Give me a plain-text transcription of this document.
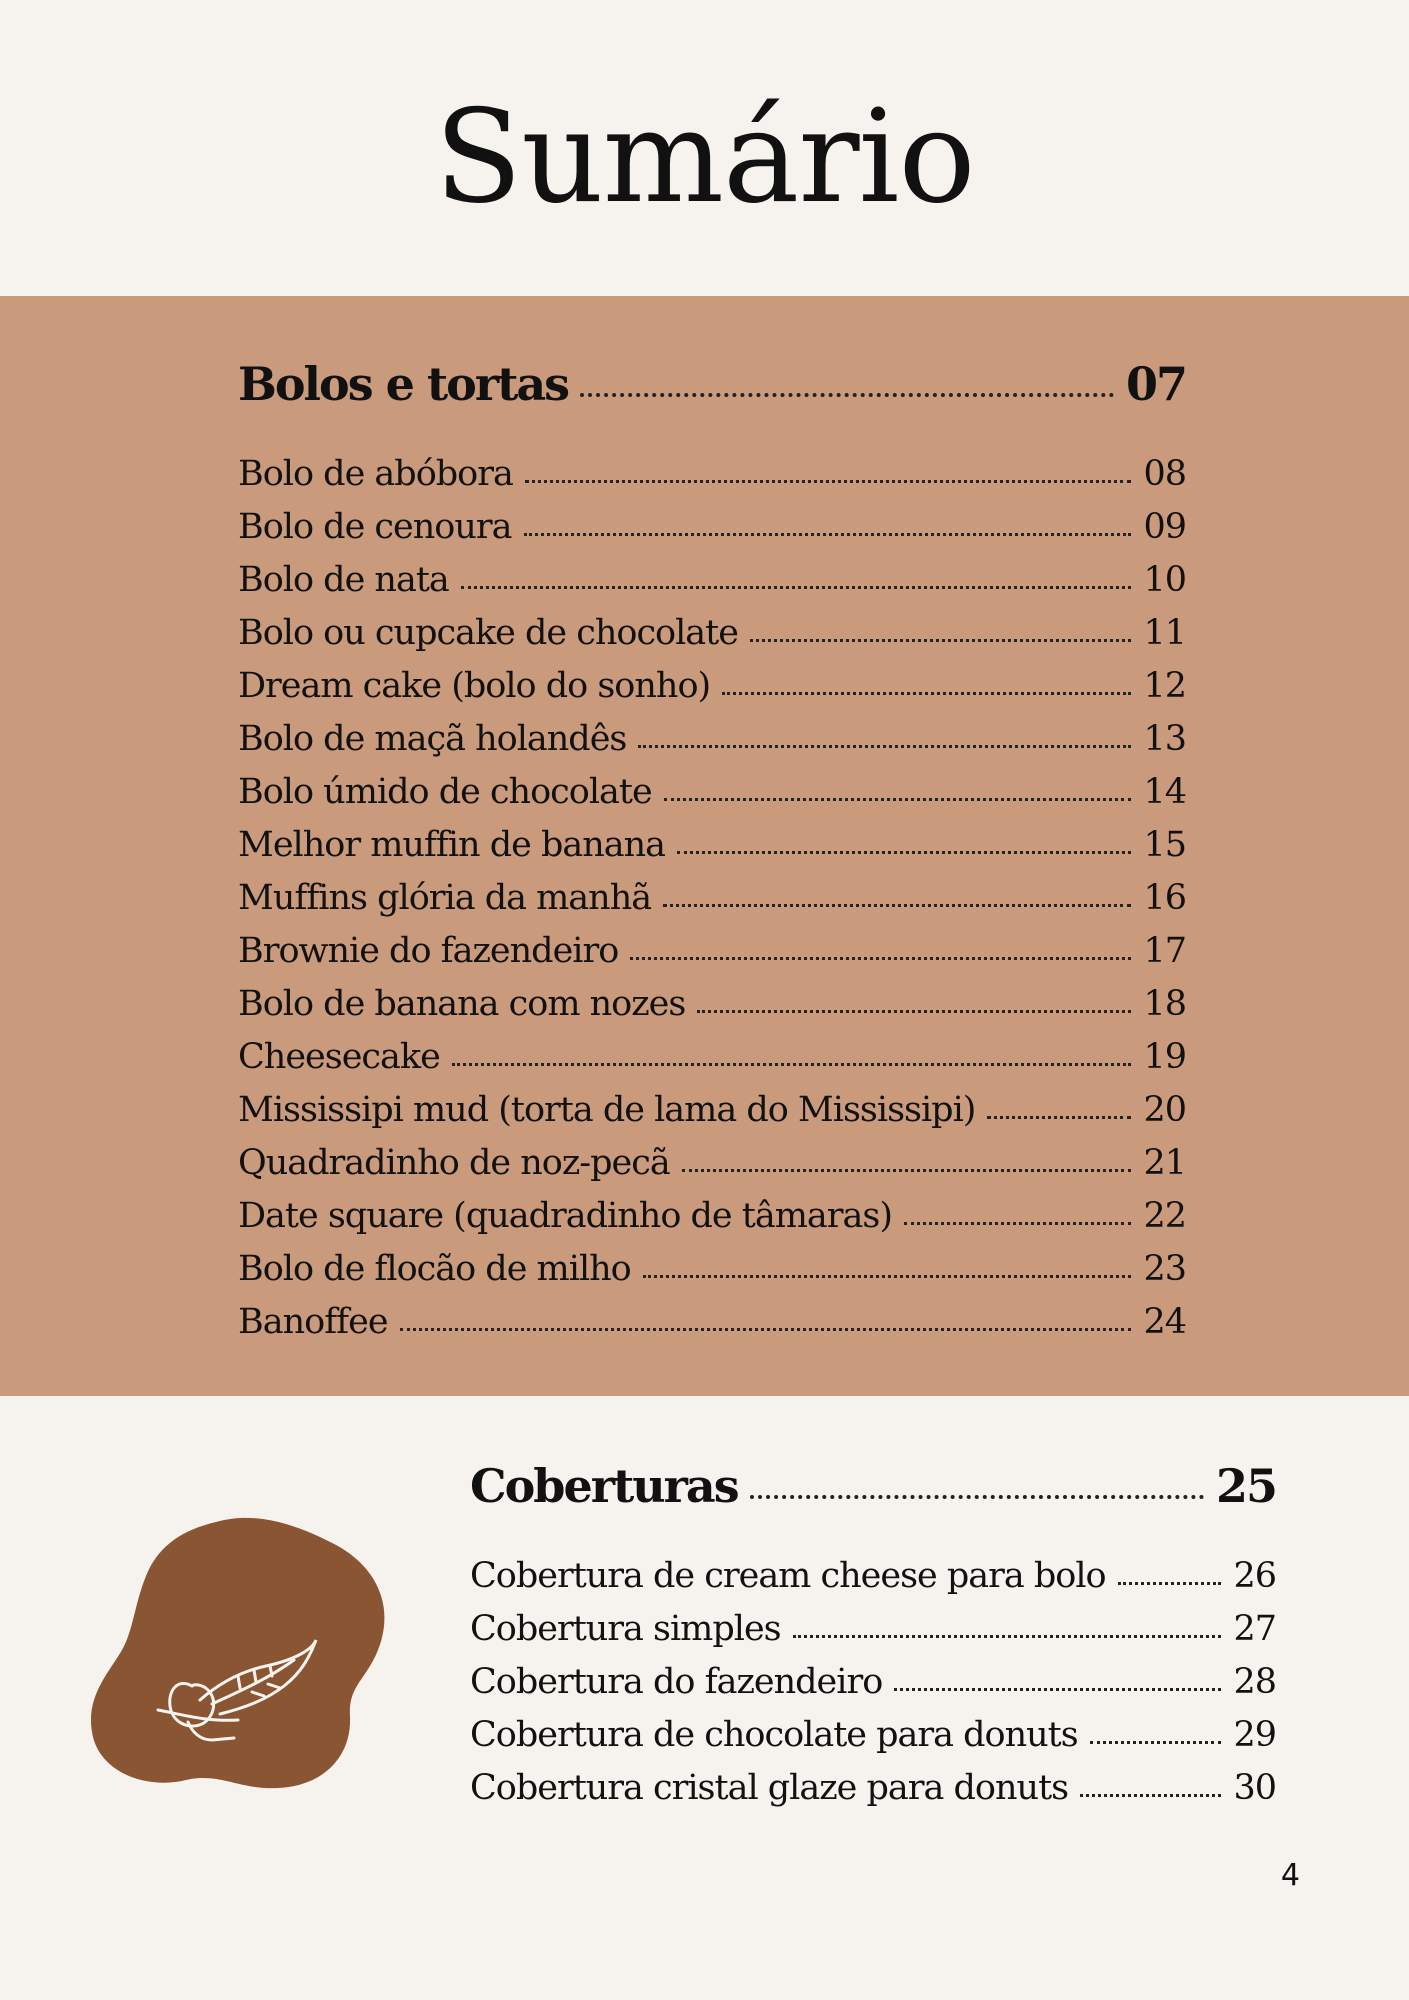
Sumário
Bolos e tortas	07
Bolo de abóbora	08
Bolo de cenoura	09
Bolo de nata	10
Bolo ou cupcake de chocolate	11
Dream cake (bolo do sonho)	12
Bolo de maçã holandês	13
Bolo úmido de chocolate	14
Melhor muffin de banana	15
Muffins glória da manhã	16
Brownie do fazendeiro	17
Bolo de banana com nozes	18
Cheesecake	19
Mississipi mud (torta de lama do Mississipi)	20
Quadradinho de noz-pecã	21
Date square (quadradinho de tâmaras)	22
Bolo de flocão de milho	23
Banoffee	24
Coberturas	25
Cobertura de cream cheese para bolo	26
Cobertura simples	27
Cobertura do fazendeiro	28
Cobertura de chocolate para donuts	29
Cobertura cristal glaze para donuts	30
4
